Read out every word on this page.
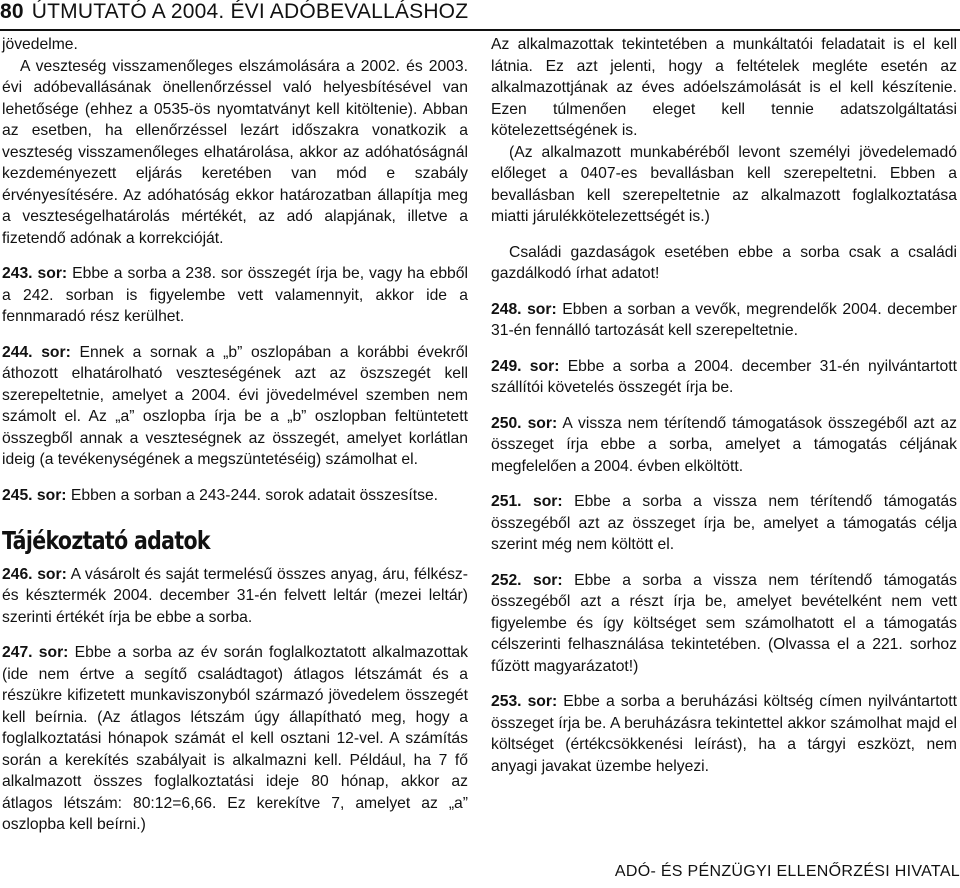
80 ÚTMUTATÓ A 2004. ÉVI ADÓBEVALLÁSHOZ

jövedelme.

A veszteség visszamenőleges elszámolására a 2002. és 2003. évi adóbevallásának önellenőrzéssel való helyesbítésével van lehetősége (ehhez a 0535-ös nyomtatványt kell kitöltenie). Abban az esetben, ha ellenőrzéssel lezárt időszakra vonatkozik a veszteség visszamenőleges elhatárolása, akkor az adóhatóságnál kezdeményezett eljárás keretében van mód e szabály érvényesítésére. Az adóhatóság ekkor határozatban állapítja meg a veszteségelhatárolás mértékét, az adó alapjának, illetve a fizetendő adónak a korrekcióját.

243. sor: Ebbe a sorba a 238. sor összegét írja be, vagy ha ebből a 242. sorban is figyelembe vett valamennyit, akkor ide a fennmaradó rész kerülhet.

244. sor: Ennek a sornak a „b” oszlopában a korábbi évekről áthozott elhatárolható veszteségének azt az öszszegét kell szerepeltetnie, amelyet a 2004. évi jövedelmével szemben nem számolt el. Az „a” oszlopba írja be a „b” oszlopban feltüntetett összegből annak a veszteségnek az összegét, amelyet korlátlan ideig (a tevékenységének a megszüntetéséig) számolhat el.

245. sor: Ebben a sorban a 243-244. sorok adatait összesítse.

Tájékoztató adatok

246. sor: A vásárolt és saját termelésű összes anyag, áru, félkész- és késztermék 2004. december 31-én felvett leltár (mezei leltár) szerinti értékét írja be ebbe a sorba.

247. sor: Ebbe a sorba az év során foglalkoztatott alkalmazottak (ide nem értve a segítő családtagot) átlagos létszámát és a részükre kifizetett munkaviszonyból származó jövedelem összegét kell beírnia. (Az átlagos létszám úgy állapítható meg, hogy a foglalkoztatási hónapok számát el kell osztani 12-vel. A számítás során a kerekítés szabályait is alkalmazni kell. Például, ha 7 fő alkalmazott összes foglalkoztatási ideje 80 hónap, akkor az átlagos létszám: 80:12=6,66. Ez kerekítve 7, amelyet az „a” oszlopba kell beírni.)

Az alkalmazottak tekintetében a munkáltatói feladatait is el kell látnia. Ez azt jelenti, hogy a feltételek megléte esetén az alkalmazottjának az éves adóelszámolását is el kell készítenie. Ezen túlmenően eleget kell tennie adatszolgáltatási kötelezettségének is.

(Az alkalmazott munkabéréből levont személyi jövedelemadó előleget a 0407-es bevallásban kell szerepeltetni. Ebben a bevallásban kell szerepeltetnie az alkalmazott foglalkoztatása miatti járulékkötelezettségét is.)

Családi gazdaságok esetében ebbe a sorba csak a családi gazdálkodó írhat adatot!

248. sor: Ebben a sorban a vevők, megrendelők 2004. december 31-én fennálló tartozását kell szerepeltetnie.

249. sor: Ebbe a sorba a 2004. december 31-én nyilvántartott szállítói követelés összegét írja be.

250. sor: A vissza nem térítendő támogatások összegéből azt az összeget írja ebbe a sorba, amelyet a támogatás céljának megfelelően a 2004. évben elköltött.

251. sor: Ebbe a sorba a vissza nem térítendő támogatás összegéből azt az összeget írja be, amelyet a támogatás célja szerint még nem költött el.

252. sor: Ebbe a sorba a vissza nem térítendő támogatás összegéből azt a részt írja be, amelyet bevételként nem vett figyelembe és így költséget sem számolhatott el a támogatás célszerinti felhasználása tekintetében. (Olvassa el a 221. sorhoz fűzött magyarázatot!)

253. sor: Ebbe a sorba a beruházási költség címen nyilvántartott összeget írja be. A beruházásra tekintettel akkor számolhat majd el költséget (értékcsökkenési leírást), ha a tárgyi eszközt, nem anyagi javakat üzembe helyezi.

ADÓ- ÉS PÉNZÜGYI ELLENŐRZÉSI HIVATAL
